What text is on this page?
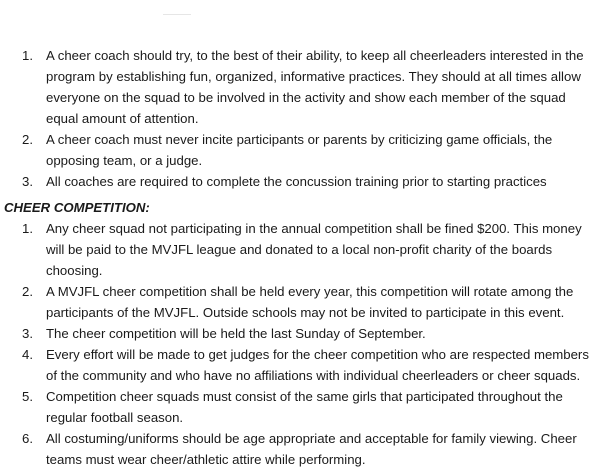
1. A cheer coach should try, to the best of their ability, to keep all cheerleaders interested in the program by establishing fun, organized, informative practices. They should at all times allow everyone on the squad to be involved in the activity and show each member of the squad equal amount of attention.
2. A cheer coach must never incite participants or parents by criticizing game officials, the opposing team, or a judge.
3. All coaches are required to complete the concussion training prior to starting practices
CHEER COMPETITION:
1. Any cheer squad not participating in the annual competition shall be fined $200. This money will be paid to the MVJFL league and donated to a local non-profit charity of the boards choosing.
2. A MVJFL cheer competition shall be held every year, this competition will rotate among the participants of the MVJFL. Outside schools may not be invited to participate in this event.
3. The cheer competition will be held the last Sunday of September.
4. Every effort will be made to get judges for the cheer competition who are respected members of the community and who have no affiliations with individual cheerleaders or cheer squads.
5. Competition cheer squads must consist of the same girls that participated throughout the regular football season.
6. All costuming/uniforms should be age appropriate and acceptable for family viewing. Cheer teams must wear cheer/athletic attire while performing.
